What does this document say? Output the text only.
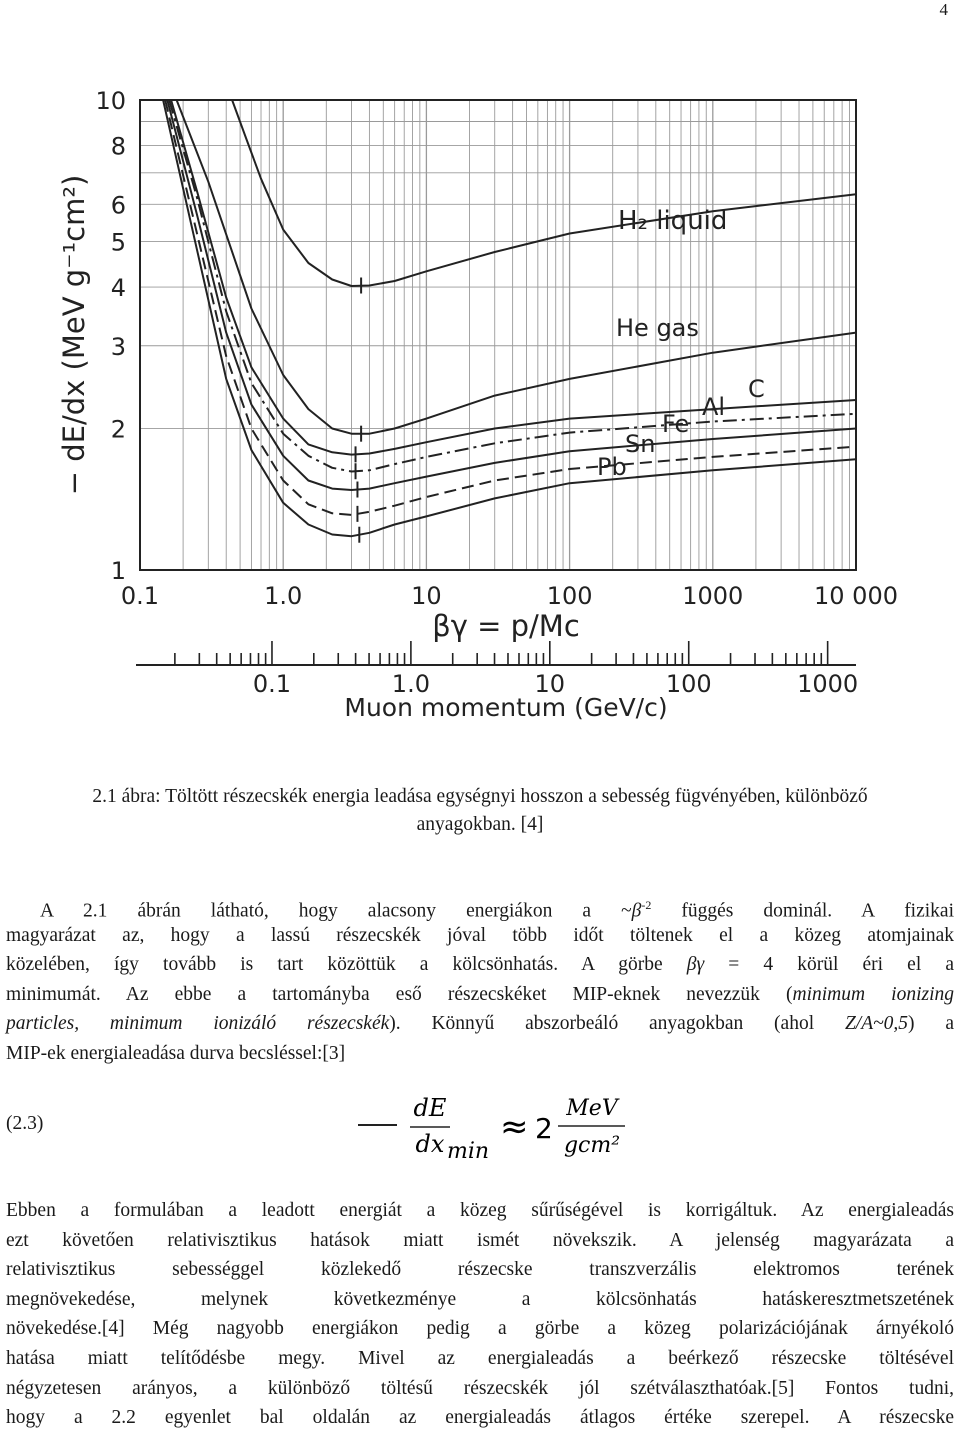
4
1
2
3
4
5
6
8
10
0.1	1.0	10	100	1000	10 000
H₂ liquid
He gas
C
Al
Fe
Sn
Pb
− dE/dx (MeV g⁻¹cm²)
βγ = p/Mc
0.1	1.0	10	100	1000
Muon momentum (GeV/c)
2.1 ábra: Töltött részecskék energia leadása egységnyi hosszon a sebesség fügvényében, különböző
anyagokban. [4]
A 2.1 ábrán látható, hogy alacsony energiákon a $\sim\beta^{-2}$ függés dominál. A fizikai
magyarázat az, hogy a lassú részecskék jóval több időt töltenek el a közeg atomjainak
közelében, így tovább is tart közöttük a kölcsönhatás. A görbe βγ = 4 körül éri el a
minimumát. Az ebbe a tartományba eső részecskéket MIP-eknek nevezzük (minimum ionizing
particles, minimum ionizáló részecskék). Könnyű abszorbeáló anyagokban (ahol Z/A~0,5) a
MIP-ek energialeadása durva becsléssel:[3]
(2.3)
dE
dx min
≈ 2
MeV
gcm²
Ebben a formulában a leadott energiát a közeg sűrűségével is korrigáltuk. Az energialeadás
ezt követően relativisztikus hatások miatt ismét növekszik. A jelenség magyarázata a
relativisztikus sebességgel közlekedő részecske transzverzális elektromos terének
megnövekedése, melynek következménye a kölcsönhatás hatáskeresztmetszetének
növekedése.[4] Még nagyobb energiákon pedig a görbe a közeg polarizációjának árnyékoló
hatása miatt telítődésbe megy. Mivel az energialeadás a beérkező részecske töltésével
négyzetesen arányos, a különböző töltésű részecskék jól szétválaszthatóak.[5] Fontos tudni,
hogy a 2.2 egyenlet bal oldalán az energialeadás átlagos értéke szerepel. A részecske
